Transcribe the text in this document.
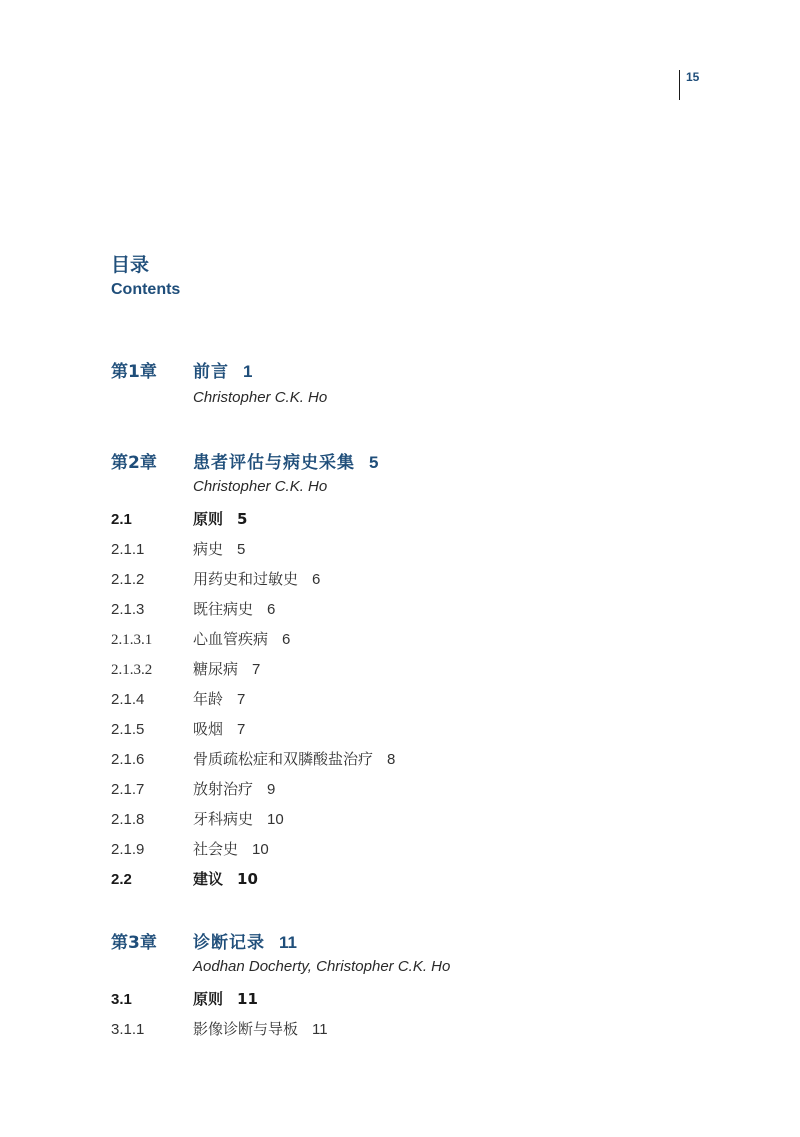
15
目录
Contents
第1章	前言 1
Christopher C.K. Ho
第2章	患者评估与病史采集 5
Christopher C.K. Ho
2.1	原则 5
2.1.1	病史 5
2.1.2	用药史和过敏史 6
2.1.3	既往病史 6
2.1.3.1	心血管疾病 6
2.1.3.2	糖尿病 7
2.1.4	年龄 7
2.1.5	吸烟 7
2.1.6	骨质疏松症和双膦酸盐治疗 8
2.1.7	放射治疗 9
2.1.8	牙科病史 10
2.1.9	社会史 10
2.2	建议 10
第3章	诊断记录 11
Aodhan Docherty, Christopher C.K. Ho
3.1	原则 11
3.1.1	影像诊断与导板 11
